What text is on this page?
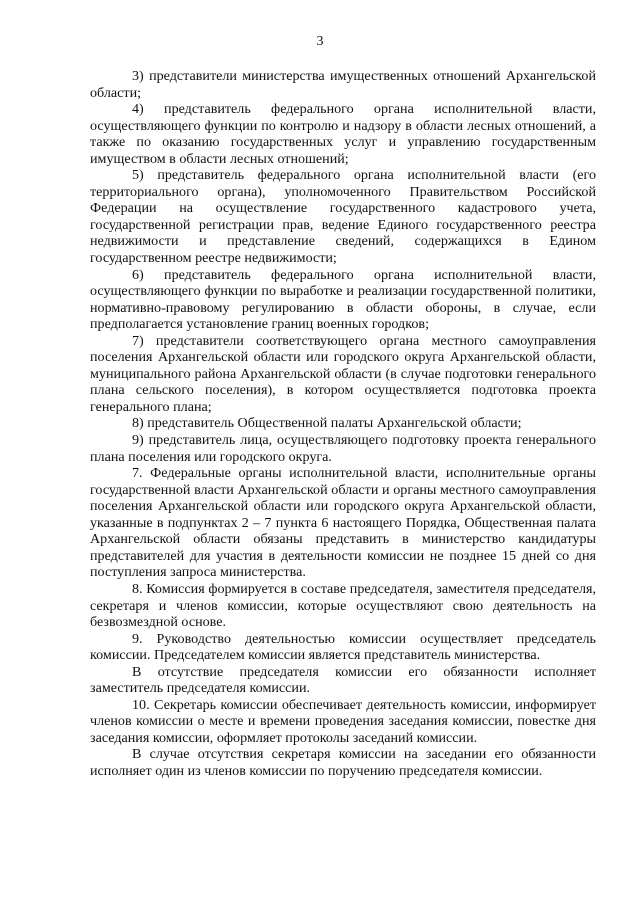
3

3) представители министерства имущественных отношений Архангельской области;

4) представитель федерального органа исполнительной власти, осуществляющего функции по контролю и надзору в области лесных отношений, а также по оказанию государственных услуг и управлению государственным имуществом в области лесных отношений;

5) представитель федерального органа исполнительной власти (его территориального органа), уполномоченного Правительством Российской Федерации на осуществление государственного кадастрового учета, государственной регистрации прав, ведение Единого государственного реестра недвижимости и представление сведений, содержащихся в Едином государственном реестре недвижимости;

6) представитель федерального органа исполнительной власти, осуществляющего функции по выработке и реализации государственной политики, нормативно-правовому регулированию в области обороны, в случае, если предполагается установление границ военных городков;

7) представители соответствующего органа местного самоуправления поселения Архангельской области или городского округа Архангельской области, муниципального района Архангельской области (в случае подготовки генерального плана сельского поселения), в котором осуществляется подготовка проекта генерального плана;

8) представитель Общественной палаты Архангельской области;

9) представитель лица, осуществляющего подготовку проекта генерального плана поселения или городского округа.

7. Федеральные органы исполнительной власти, исполнительные органы государственной власти Архангельской области и органы местного самоуправления поселения Архангельской области или городского округа Архангельской области, указанные в подпунктах 2 – 7 пункта 6 настоящего Порядка, Общественная палата Архангельской области обязаны представить в министерство кандидатуры представителей для участия в деятельности комиссии не позднее 15 дней со дня поступления запроса министерства.

8. Комиссия формируется в составе председателя, заместителя председателя, секретаря и членов комиссии, которые осуществляют свою деятельность на безвозмездной основе.

9. Руководство деятельностью комиссии осуществляет председатель комиссии. Председателем комиссии является представитель министерства.

В отсутствие председателя комиссии его обязанности исполняет заместитель председателя комиссии.

10. Секретарь комиссии обеспечивает деятельность комиссии, информирует членов комиссии о месте и времени проведения заседания комиссии, повестке дня заседания комиссии, оформляет протоколы заседаний комиссии.

В случае отсутствия секретаря комиссии на заседании его обязанности исполняет один из членов комиссии по поручению председателя комиссии.
